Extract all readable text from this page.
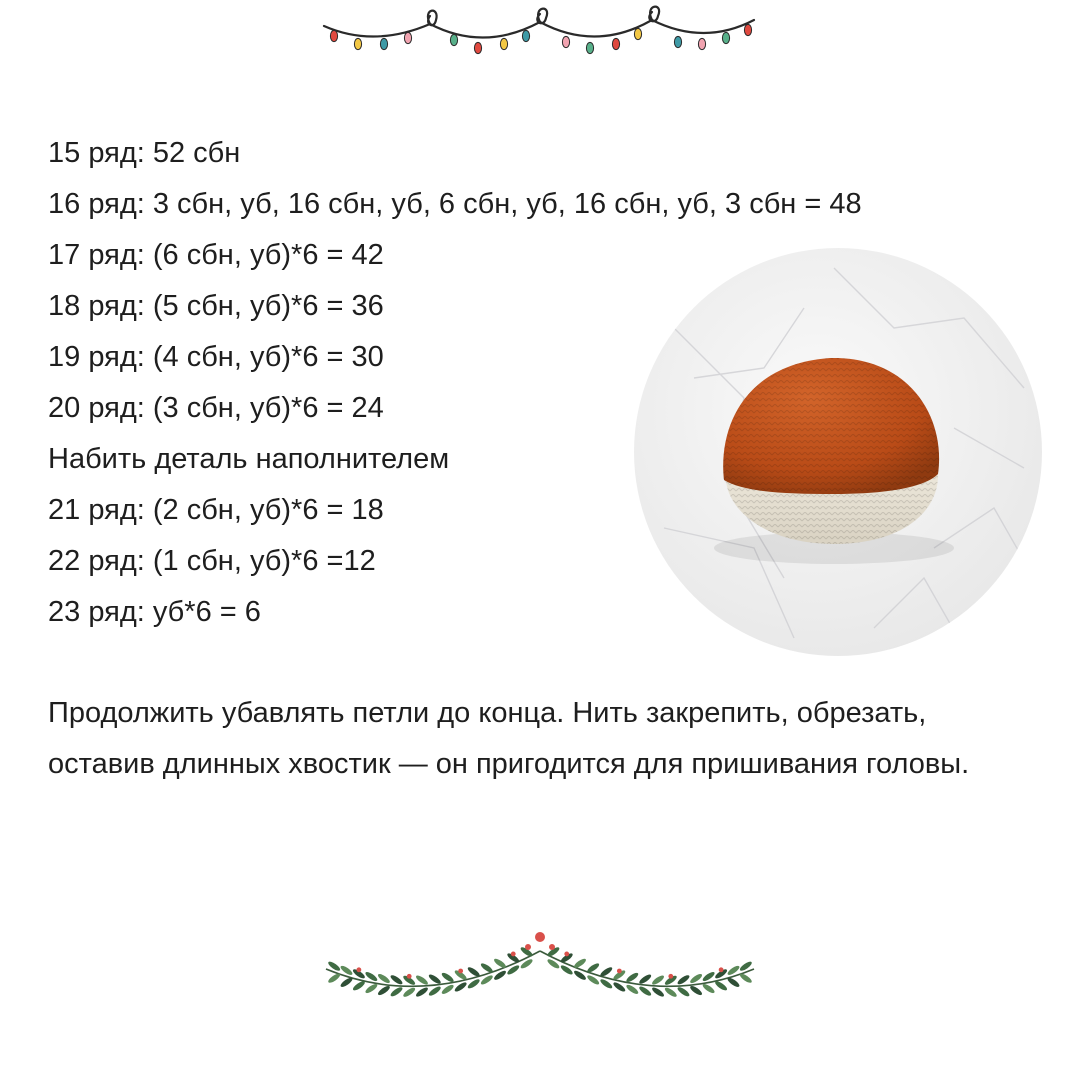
15 ряд: 52 сбн
16 ряд: 3 сбн, уб, 16 сбн, уб, 6 сбн, уб, 16 сбн, уб, 3 сбн = 48
17 ряд: (6 сбн, уб)*6 = 42
18 ряд: (5 сбн, уб)*6 = 36
19 ряд: (4 сбн, уб)*6 = 30
20 ряд: (3 сбн, уб)*6 = 24
Набить деталь наполнителем
21 ряд: (2 сбн, уб)*6 = 18
22 ряд: (1 сбн, уб)*6 =12
23 ряд: уб*6 = 6

Продолжить убавлять петли до конца. Нить закрепить, обрезать,
оставив длинных хвостик — он пригодится для пришивания головы.
